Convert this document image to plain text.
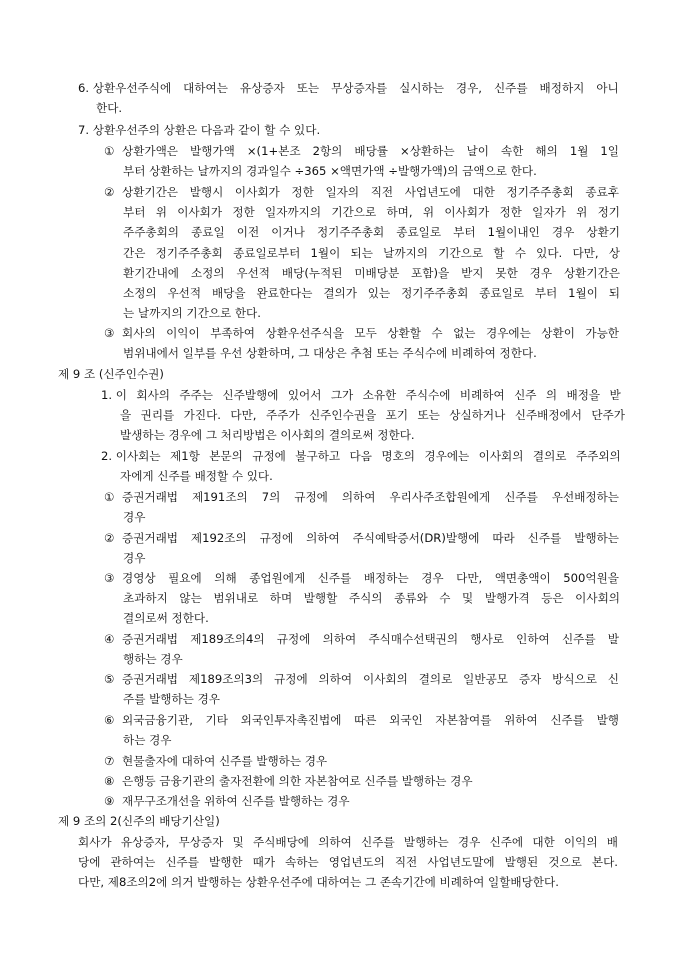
6. 상환우선주식에 대하여는 유상증자 또는 무상증자를 실시하는 경우, 신주를 배정하지 아니
한다.
7. 상환우선주의 상환은 다음과 같이 할 수 있다.
① 상환가액은 발행가액 ×(1+본조 2항의 배당률 ×상환하는 날이 속한 해의 1월 1일
부터 상환하는 날까지의 경과일수 ÷365 ×액면가액 ÷발행가액)의 금액으로 한다.
② 상환기간은 발행시 이사회가 정한 일자의 직전 사업년도에 대한 정기주주총회 종료후
부터 위 이사회가 정한 일자까지의 기간으로 하며, 위 이사회가 정한 일자가 위 정기
주주총회의 종료일 이전 이거나 정기주주총회 종료일로 부터 1월이내인 경우 상환기
간은 정기주주총회 종료일로부터 1월이 되는 날까지의 기간으로 할 수 있다. 다만, 상
환기간내에 소정의 우선적 배당(누적된 미배당분 포함)을 받지 못한 경우 상환기간은
소정의 우선적 배당을 완료한다는 결의가 있는 정기주주총회 종료일로 부터 1월이 되
는 날까지의 기간으로 한다.
③ 회사의 이익이 부족하여 상환우선주식을 모두 상환할 수 없는 경우에는 상환이 가능한
범위내에서 일부를 우선 상환하며, 그 대상은 추첨 또는 주식수에 비례하여 정한다.
제 9 조 (신주인수권)
1. 이 회사의 주주는 신주발행에 있어서 그가 소유한 주식수에 비례하여 신주 의 배정을 받
을 권리를 가진다. 다만, 주주가 신주인수권을 포기 또는 상실하거나 신주배정에서 단주가
발생하는 경우에 그 처리방법은 이사회의 결의로써 정한다.
2. 이사회는 제1항 본문의 규정에 불구하고 다음 명호의 경우에는 이사회의 결의로 주주외의
자에게 신주를 배정할 수 있다.
① 증권거래법 제191조의 7의 규정에 의하여 우리사주조합원에게 신주를 우선배정하는
경우
② 증권거래법 제192조의 규정에 의하여 주식예탁증서(DR)발행에 따라 신주를 발행하는
경우
③ 경영상 필요에 의해 종업원에게 신주를 배정하는 경우 다만, 액면총액이 500억원을
초과하지 않는 범위내로 하며 발행할 주식의 종류와 수 및 발행가격 등은 이사회의
결의로써 정한다.
④ 증권거래법 제189조의4의 규정에 의하여 주식매수선택권의 행사로 인하여 신주를 발
행하는 경우
⑤ 증권거래법 제189조의3의 규정에 의하여 이사회의 결의로 일반공모 증자 방식으로 신
주를 발행하는 경우
⑥ 외국금융기관, 기타 외국인투자촉진법에 따른 외국인 자본참여를 위하여 신주를 발행
하는 경우
⑦ 현물출자에 대하여 신주를 발행하는 경우
⑧ 은행등 금융기관의 출자전환에 의한 자본참여로 신주를 발행하는 경우
⑨ 재무구조개선을 위하여 신주를 발행하는 경우
제 9 조의 2(신주의 배당기산일)
회사가 유상증자, 무상증자 및 주식배당에 의하여 신주를 발행하는 경우 신주에 대한 이익의 배
당에 관하여는 신주를 발행한 때가 속하는 영업년도의 직전 사업년도말에 발행된 것으로 본다.
다만, 제8조의2에 의거 발행하는 상환우선주에 대하여는 그 존속기간에 비례하여 일할배당한다.
